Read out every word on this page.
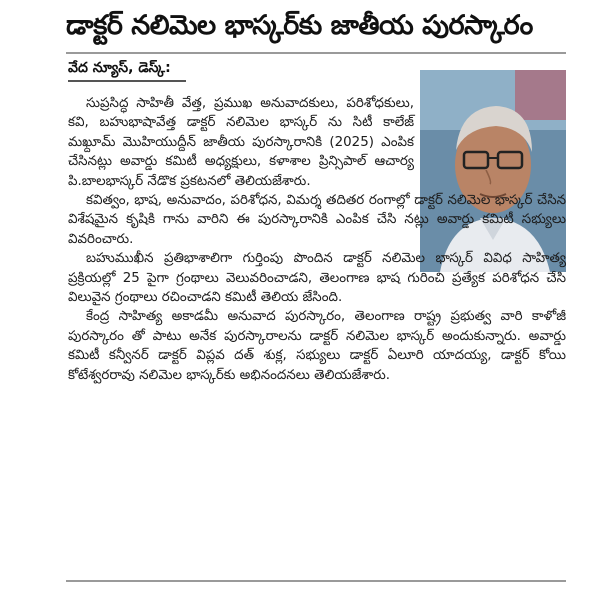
డాక్టర్ నలిమెల భాస్కర్‌కు జాతీయ పురస్కారం
వేద న్యూస్, డెస్క్:

సుప్రసిద్ధ సాహితీ వేత్త, ప్రముఖ అనువాదకులు, పరిశోధకులు, కవి, బహుభాషావేత్త డాక్టర్ నలిమెల భాస్కర్ ను సిటీ కాలేజ్ మఖ్దూమ్ మొహియుద్దీన్ జాతీయ పురస్కారానికి (2025) ఎంపిక చేసినట్లు అవార్డు కమిటీ అధ్యక్షులు, కళాశాల ప్రిన్సిపాల్ ఆచార్య పి.బాలభాస్కర్ నేడొక ప్రకటనలో తెలియజేశారు.

కవిత్వం, భాష, అనువాదం, పరిశోధన, విమర్శ తదితర రంగాల్లో డాక్టర్ నలిమెల భాస్కర్ చేసిన విశేషమైన కృషికి గాను వారిని ఈ పురస్కారానికి ఎంపిక చేసి నట్లు అవార్డు కమిటీ సభ్యులు వివరించారు.

బహుముఖీన ప్రతిభాశాలిగా గుర్తింపు పొందిన డాక్టర్ నలిమెల భాస్కర్ వివిధ సాహిత్య ప్రక్రియల్లో 25 పైగా గ్రంథాలు వెలువరించాడని, తెలంగాణ భాష గురించి ప్రత్యేక పరిశోధన చేసి విలువైన గ్రంథాలు రచించాడని కమిటీ తెలియ జేసింది.

కేంద్ర సాహిత్య అకాడమీ అనువాద పురస్కారం, తెలంగాణ రాష్ట్ర ప్రభుత్వ వారి కాళోజీ పురస్కారం తో పాటు అనేక పురస్కారాలను డాక్టర్ నలిమెల భాస్కర్ అందుకున్నారు. అవార్డు కమిటీ కన్వీనర్ డాక్టర్ విప్లవ దత్ శుక్ల, సభ్యులు డాక్టర్ ఏలూరి యాదయ్య, డాక్టర్ కోయి కోటేశ్వరరావు నలిమెల భాస్కర్‌కు అభినందనలు తెలియజేశారు.
